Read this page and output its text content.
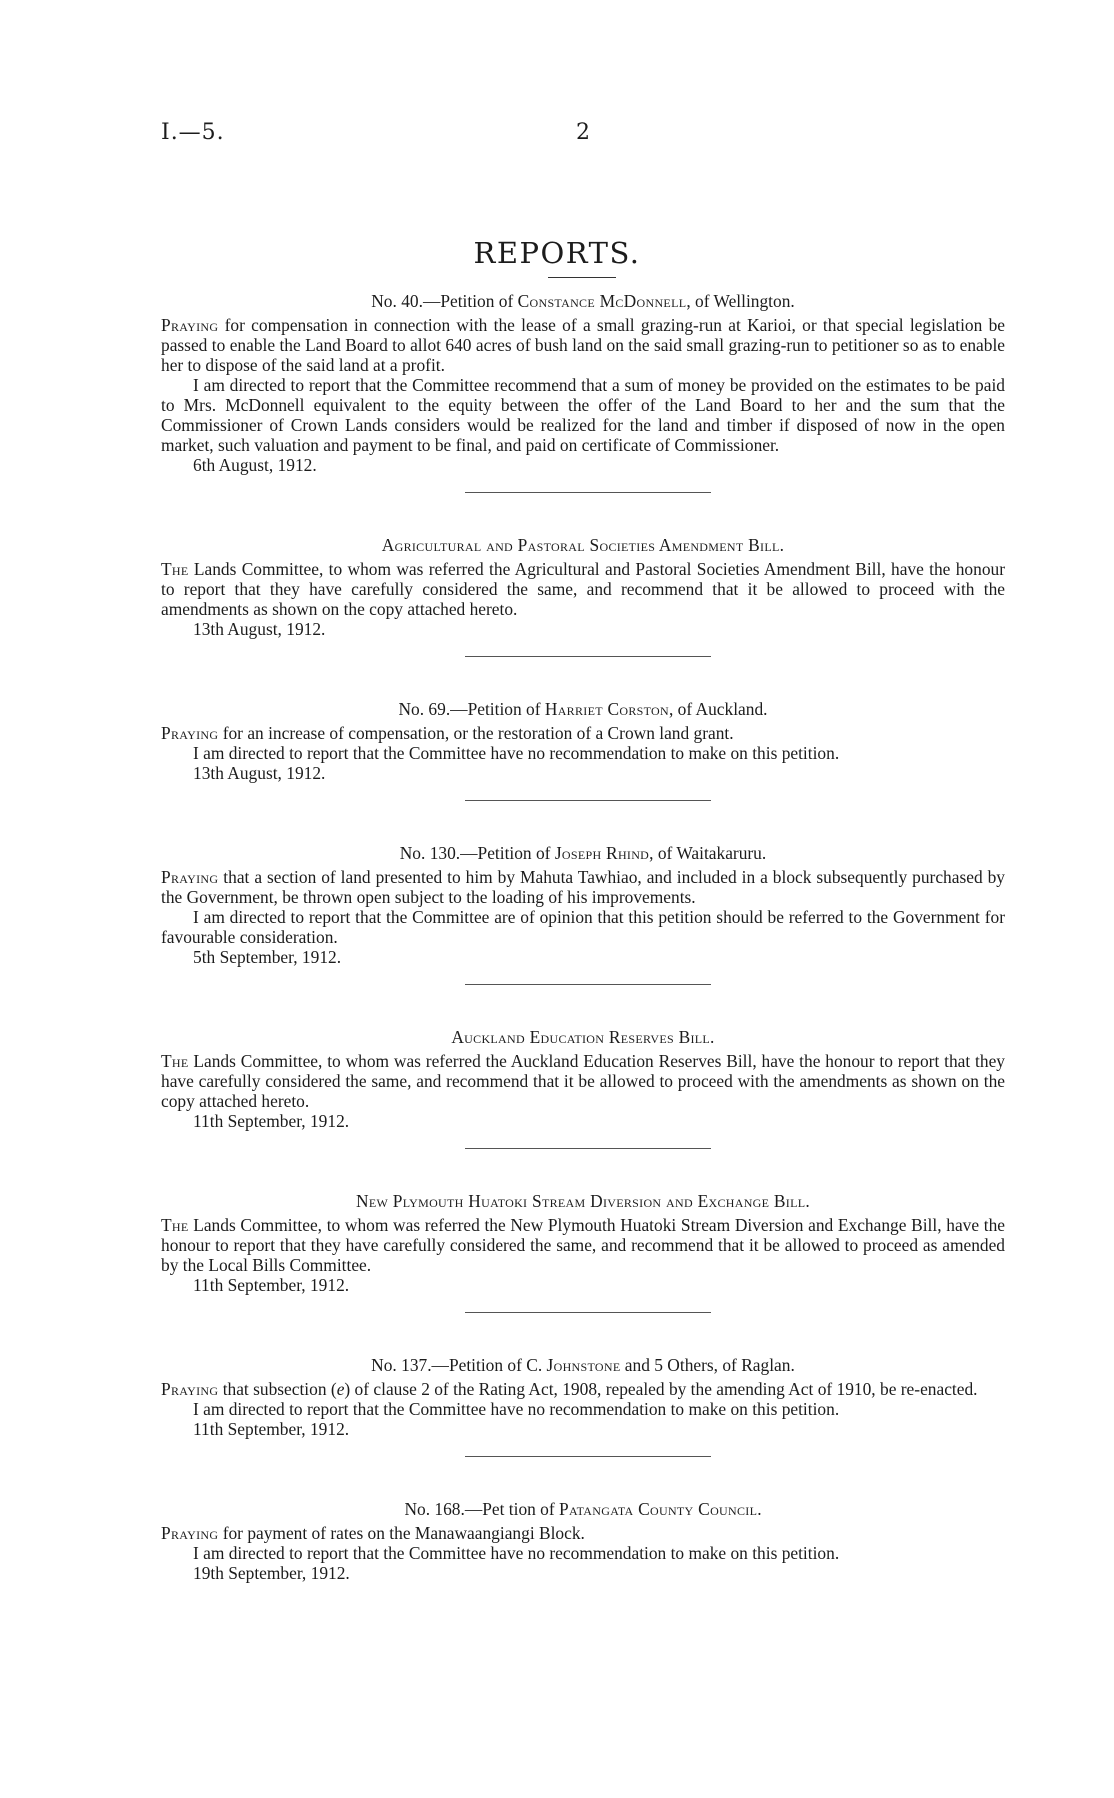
I.—5.	2
REPORTS.

No. 40.—Petition of Constance McDonnell, of Wellington.

Praying for compensation in connection with the lease of a small grazing-run at Karioi, or that special legislation be passed to enable the Land Board to allot 640 acres of bush land on the said small grazing-run to petitioner so as to enable her to dispose of the said land at a profit.

I am directed to report that the Committee recommend that a sum of money be provided on the estimates to be paid to Mrs. McDonnell equivalent to the equity between the offer of the Land Board to her and the sum that the Commissioner of Crown Lands considers would be realized for the land and timber if disposed of now in the open market, such valuation and payment to be final, and paid on certificate of Commissioner.

6th August, 1912.

Agricultural and Pastoral Societies Amendment Bill.

The Lands Committee, to whom was referred the Agricultural and Pastoral Societies Amendment Bill, have the honour to report that they have carefully considered the same, and recommend that it be allowed to proceed with the amendments as shown on the copy attached hereto.

13th August, 1912.

No. 69.—Petition of Harriet Corston, of Auckland.

Praying for an increase of compensation, or the restoration of a Crown land grant.

I am directed to report that the Committee have no recommendation to make on this petition.

13th August, 1912.

No. 130.—Petition of Joseph Rhind, of Waitakaruru.

Praying that a section of land presented to him by Mahuta Tawhiao, and included in a block subsequently purchased by the Government, be thrown open subject to the loading of his improvements.

I am directed to report that the Committee are of opinion that this petition should be referred to the Government for favourable consideration.

5th September, 1912.

Auckland Education Reserves Bill.

The Lands Committee, to whom was referred the Auckland Education Reserves Bill, have the honour to report that they have carefully considered the same, and recommend that it be allowed to proceed with the amendments as shown on the copy attached hereto.

11th September, 1912.

New Plymouth Huatoki Stream Diversion and Exchange Bill.

The Lands Committee, to whom was referred the New Plymouth Huatoki Stream Diversion and Exchange Bill, have the honour to report that they have carefully considered the same, and recommend that it be allowed to proceed as amended by the Local Bills Committee.

11th September, 1912.

No. 137.—Petition of C. Johnstone and 5 Others, of Raglan.

Praying that subsection (e) of clause 2 of the Rating Act, 1908, repealed by the amending Act of 1910, be re-enacted.

I am directed to report that the Committee have no recommendation to make on this petition.

11th September, 1912.

No. 168.—Pet tion of Patangata County Council.

Praying for payment of rates on the Manawaangiangi Block.

I am directed to report that the Committee have no recommendation to make on this petition.

19th September, 1912.
